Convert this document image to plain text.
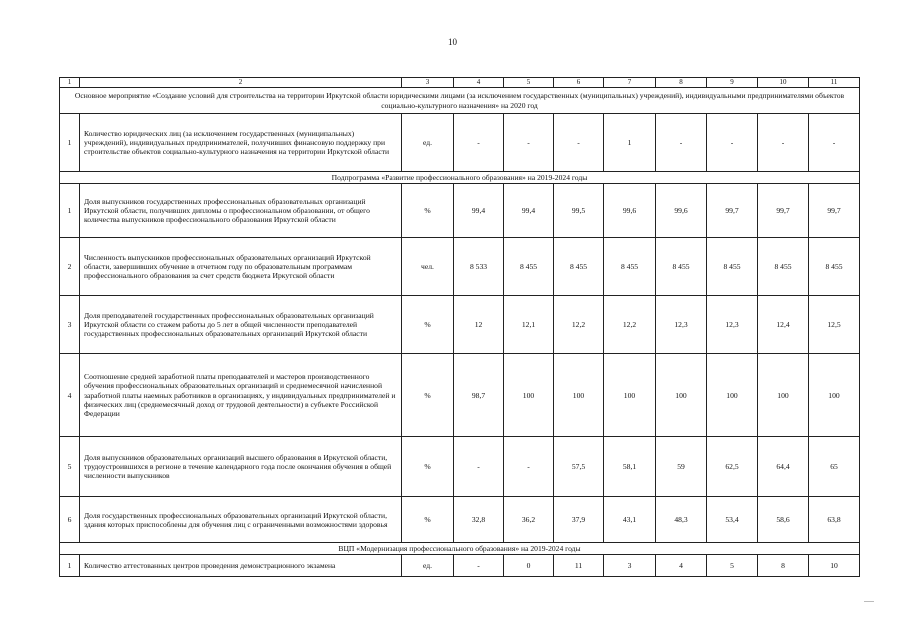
10
1	2	3	4	5	6	7	8	9	10	11
Основное мероприятие «Создание условий для строительства на территории Иркутской области юридическими лицами (за исключением государственных (муниципальных) учреждений), индивидуальными предпринимателями объектов социально-культурного назначения» на 2020 год										
1	Количество юридических лиц (за исключением государственных (муниципальных) учреждений), индивидуальных предпринимателей, получивших финансовую поддержку при строительстве объектов социально-культурного назначения на территории Иркутской области	ед.	-	-	-	1	-	-	-	-
Подпрограмма «Развитие профессионального образования» на 2019-2024 годы										
1	Доля выпускников государственных профессиональных образовательных организаций Иркутской области, получивших дипломы о профессиональном образовании, от общего количества выпускников профессионального образования Иркутской области	%	99,4	99,4	99,5	99,6	99,6	99,7	99,7	99,7
2	Численность выпускников профессиональных образовательных организаций Иркутской области, завершивших обучение в отчетном году по образовательным программам профессионального образования за счет средств бюджета Иркутской области	чел.	8 533	8 455	8 455	8 455	8 455	8 455	8 455	8 455
3	Доля преподавателей государственных профессиональных образовательных организаций Иркутской области со стажем работы до 5 лет в общей численности преподавателей государственных профессиональных образовательных организаций Иркутской области	%	12	12,1	12,2	12,2	12,3	12,3	12,4	12,5
4	Соотношение средней заработной платы преподавателей и мастеров производственного обучения профессиональных образовательных организаций и среднемесячной начисленной заработной платы наемных работников в организациях, у индивидуальных предпринимателей и физических лиц (среднемесячный доход от трудовой деятельности) в субъекте Российской Федерации	%	98,7	100	100	100	100	100	100	100
5	Доля выпускников образовательных организаций высшего образования в Иркутской области, трудоустроившихся в регионе в течение календарного года после окончания обучения в общей численности выпускников	%	-	-	57,5	58,1	59	62,5	64,4	65
6	Доля государственных профессиональных образовательных организаций Иркутской области, здания которых приспособлены для обучения лиц с ограниченными возможностями здоровья	%	32,8	36,2	37,9	43,1	48,3	53,4	58,6	63,8
ВЦП «Модернизация профессионального образования» на 2019-2024 годы										
1	Количество аттестованных центров проведения демонстрационного экзамена	ед.	-	0	11	3	4	5	8	10
